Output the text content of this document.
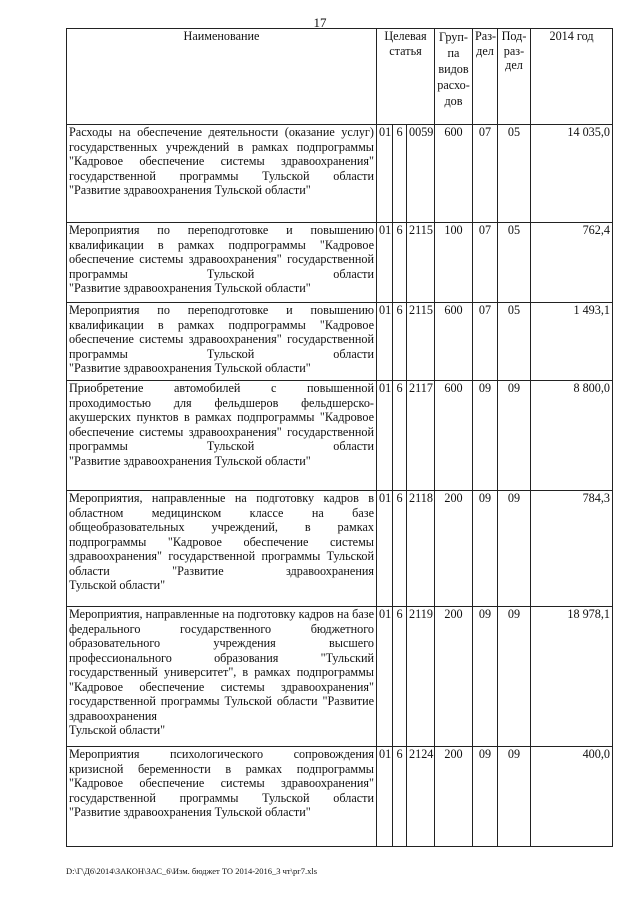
17
Наименование	Целевая статья			Груп-па видов расхо-дов	Раз-дел	Под-раз-дел	2014 год
Расходы на обеспечение деятельности (оказание услуг) государственных учреждений в рамках подпрограммы "Кадровое обеспечение системы здравоохранения" государственной программы Тульской области
"Развитие здравоохранения Тульской области"	01	6	0059	600	07	05	14 035,0
Мероприятия по переподготовке и повышению квалификации в рамках подпрограммы "Кадровое обеспечение системы здравоохранения" государственной программы Тульской области
"Развитие здравоохранения Тульской области"	01	6	2115	100	07	05	762,4
Мероприятия по переподготовке и повышению квалификации в рамках подпрограммы "Кадровое обеспечение системы здравоохранения" государственной программы Тульской области
"Развитие здравоохранения Тульской области"	01	6	2115	600	07	05	1 493,1
Приобретение автомобилей с повышенной проходимостью для фельдшеров фельдшерско-акушерских пунктов в рамках подпрограммы "Кадровое обеспечение системы здравоохранения" государственной программы Тульской области
"Развитие здравоохранения Тульской области"	01	6	2117	600	09	09	8 800,0
Мероприятия, направленные на подготовку кадров в областном медицинском классе на базе общеобразовательных учреждений, в рамках подпрограммы "Кадровое обеспечение системы здравоохранения" государственной программы Тульской области "Развитие здравоохранения
Тульской области"	01	6	2118	200	09	09	784,3
Мероприятия, направленные на подготовку кадров на базе федерального государственного бюджетного образовательного учреждения высшего профессионального образования "Тульский государственный университет", в рамках подпрограммы "Кадровое обеспечение системы здравоохранения" государственной программы Тульской области "Развитие здравоохранения
Тульской области"	01	6	2119	200	09	09	18 978,1
Мероприятия психологического сопровождения кризисной беременности в рамках подпрограммы "Кадровое обеспечение системы здравоохранения" государственной программы Тульской области
"Развитие здравоохранения Тульской области"	01	6	2124	200	09	09	400,0
D:\Г\Д6\2014\ЗАКОН\ЗАС_6\Изм. бюджет ТО 2014-2016_3 чт\рг7.xls
